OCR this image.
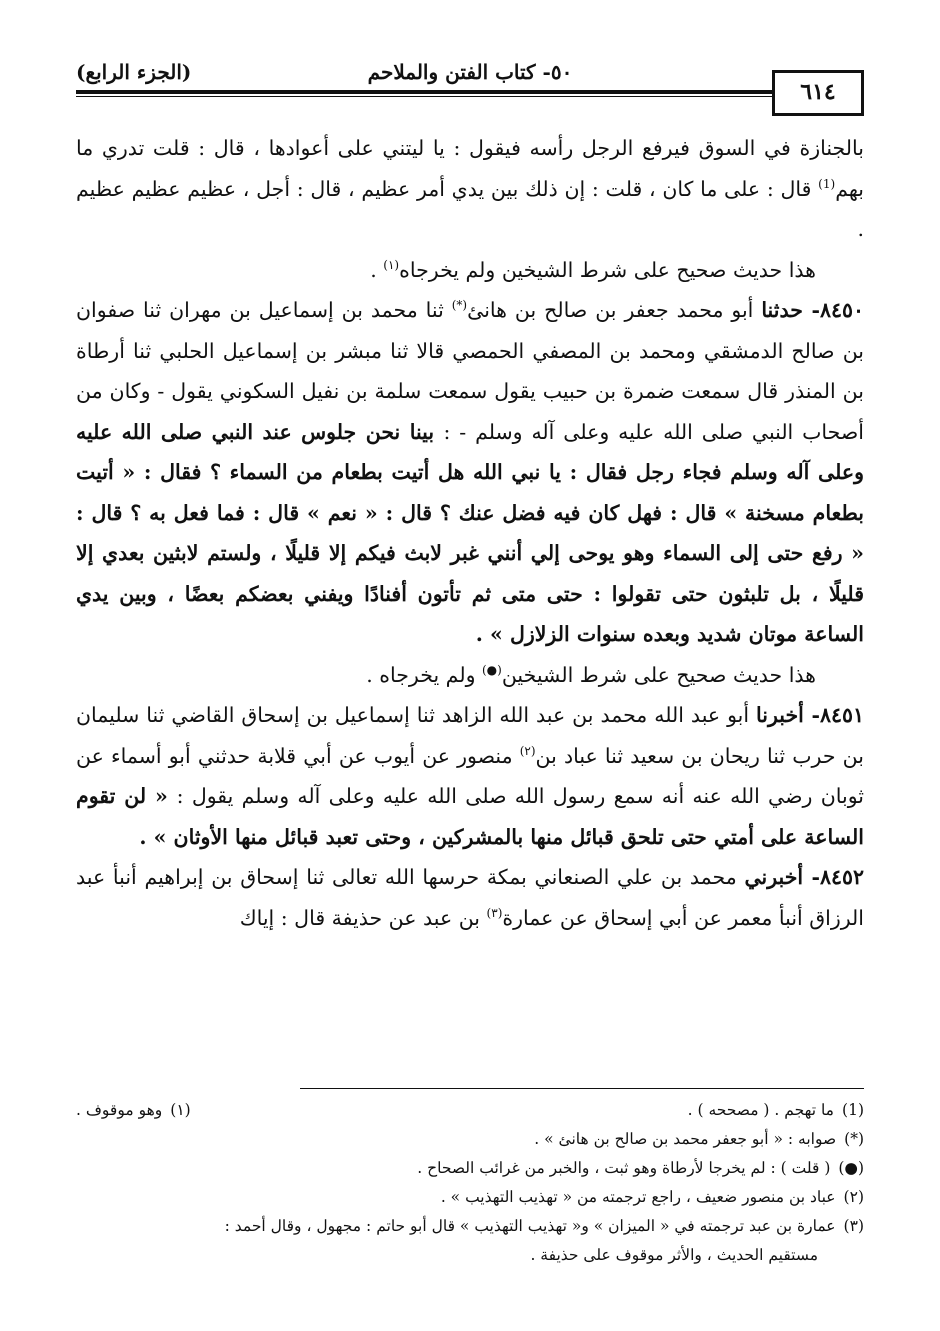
٥٠- كتاب الفتن والملاحم
(الجزء الرابع)
٦١٤

بالجنازة في السوق فيرفع الرجل رأسه فيقول : يا ليتني على أعوادها ، قال : قلت تدري ما بهم$^{(1)}$ قال : على ما كان ، قلت : إن ذلك بين يدي أمر عظيم ، قال : أجل ، عظيم عظيم عظيم .

هذا حديث صحيح على شرط الشيخين ولم يخرجاه$^{(١)}$ .

٨٤٥٠- حدثنا أبو محمد جعفر بن صالح بن هانئ(*) ثنا محمد بن إسماعيل بن مهران ثنا صفوان بن صالح الدمشقي ومحمد بن المصفي الحمصي قالا ثنا مبشر بن إسماعيل الحلبي ثنا أرطاة بن المنذر قال سمعت ضمرة بن حبيب يقول سمعت سلمة بن نفيل السكوني يقول - وكان من أصحاب النبي صلى الله عليه وعلى آله وسلم - : بينا نحن جلوس عند النبي صلى الله عليه وعلى آله وسلم فجاء رجل فقال : يا نبي الله هل أتيت بطعام من السماء ؟ فقال : « أتيت بطعام مسخنة » قال : فهل كان فيه فضل عنك ؟ قال : « نعم » قال : فما فعل به ؟ قال : « رفع حتى إلى السماء وهو يوحى إلي أنني غبر لابث فيكم إلا قليلًا ، ولستم لابثين بعدي إلا قليلًا ، بل تلبثون حتى تقولوا : حتى متى ثم تأتون أفنادًا ويفني بعضكم بعضًا ، وبين يدي الساعة موتان شديد وبعده سنوات الزلازل » .

هذا حديث صحيح على شرط الشيخين(●) ولم يخرجاه .

٨٤٥١- أخبرنا أبو عبد الله محمد بن عبد الله الزاهد ثنا إسماعيل بن إسحاق القاضي ثنا سليمان بن حرب ثنا ريحان بن سعيد ثنا عباد بن$^{(٢)}$ منصور عن أيوب عن أبي قلابة حدثني أبو أسماء عن ثوبان رضي الله عنه أنه سمع رسول الله صلى الله عليه وعلى آله وسلم يقول : « لن تقوم الساعة على أمتي حتى تلحق قبائل منها بالمشركين ، وحتى تعبد قبائل منها الأوثان » .

٨٤٥٢- أخبرني محمد بن علي الصنعاني بمكة حرسها الله تعالى ثنا إسحاق بن إبراهيم أنبأ عبد الرزاق أنبأ معمر عن أبي إسحاق عن عمارة$^{(٣)}$ بن عبد عن حذيفة قال : إياك

(1)ما تهجم . ( مصححه ) .
(١)وهو موقوف .
(*)صوابه : « أبو جعفر محمد بن صالح بن هانئ » .
(●)( قلت ) : لم يخرجا لأرطاة وهو ثبت ، والخبر من غرائب الصحاح .
(٢)عباد بن منصور ضعيف ، راجع ترجمته من « تهذيب التهذيب » .
(٣)عمارة بن عبد ترجمته في « الميزان » و« تهذيب التهذيب » قال أبو حاتم : مجهول ، وقال أحمد :
مستقيم الحديث ، والأثر موقوف على حذيفة .
